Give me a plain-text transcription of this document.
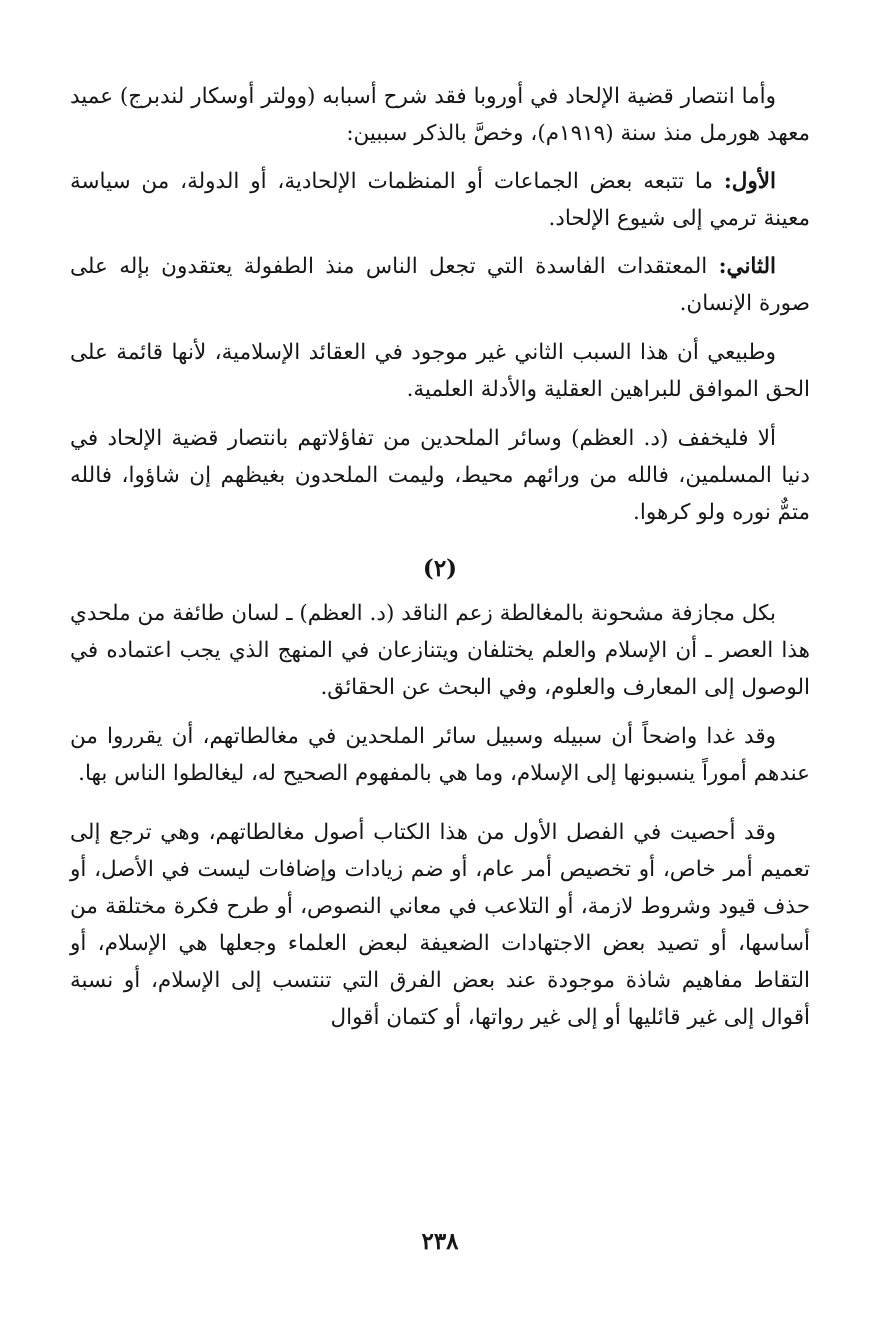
وأما انتصار قضية الإلحاد في أوروبا فقد شرح أسبابه (وولتر أوسكار لندبرج) عميد معهد هورمل منذ سنة (١٩١٩م)، وخصَّ بالذكر سببين:

الأول: ما تتبعه بعض الجماعات أو المنظمات الإلحادية، أو الدولة، من سياسة معينة ترمي إلى شيوع الإلحاد.

الثاني: المعتقدات الفاسدة التي تجعل الناس منذ الطفولة يعتقدون بإله على صورة الإنسان.

وطبيعي أن هذا السبب الثاني غير موجود في العقائد الإسلامية، لأنها قائمة على الحق الموافق للبراهين العقلية والأدلة العلمية.

ألا فليخفف (د. العظم) وسائر الملحدين من تفاؤلاتهم بانتصار قضية الإلحاد في دنيا المسلمين، فالله من ورائهم محيط، وليمت الملحدون بغيظهم إن شاؤوا، فالله متمٌّ نوره ولو كرهوا.

(٢)

بكل مجازفة مشحونة بالمغالطة زعم الناقد (د. العظم) ـ لسان طائفة من ملحدي هذا العصر ـ أن الإسلام والعلم يختلفان ويتنازعان في المنهج الذي يجب اعتماده في الوصول إلى المعارف والعلوم، وفي البحث عن الحقائق.

وقد غدا واضحاً أن سبيله وسبيل سائر الملحدين في مغالطاتهم، أن يقرروا من عندهم أموراً ينسبونها إلى الإسلام، وما هي بالمفهوم الصحيح له، ليغالطوا الناس بها.

وقد أحصيت في الفصل الأول من هذا الكتاب أصول مغالطاتهم، وهي ترجع إلى تعميم أمر خاص، أو تخصيص أمر عام، أو ضم زيادات وإضافات ليست في الأصل، أو حذف قيود وشروط لازمة، أو التلاعب في معاني النصوص، أو طرح فكرة مختلقة من أساسها، أو تصيد بعض الاجتهادات الضعيفة لبعض العلماء وجعلها هي الإسلام، أو التقاط مفاهيم شاذة موجودة عند بعض الفرق التي تنتسب إلى الإسلام، أو نسبة أقوال إلى غير قائليها أو إلى غير رواتها، أو كتمان أقوال

٢٣٨
